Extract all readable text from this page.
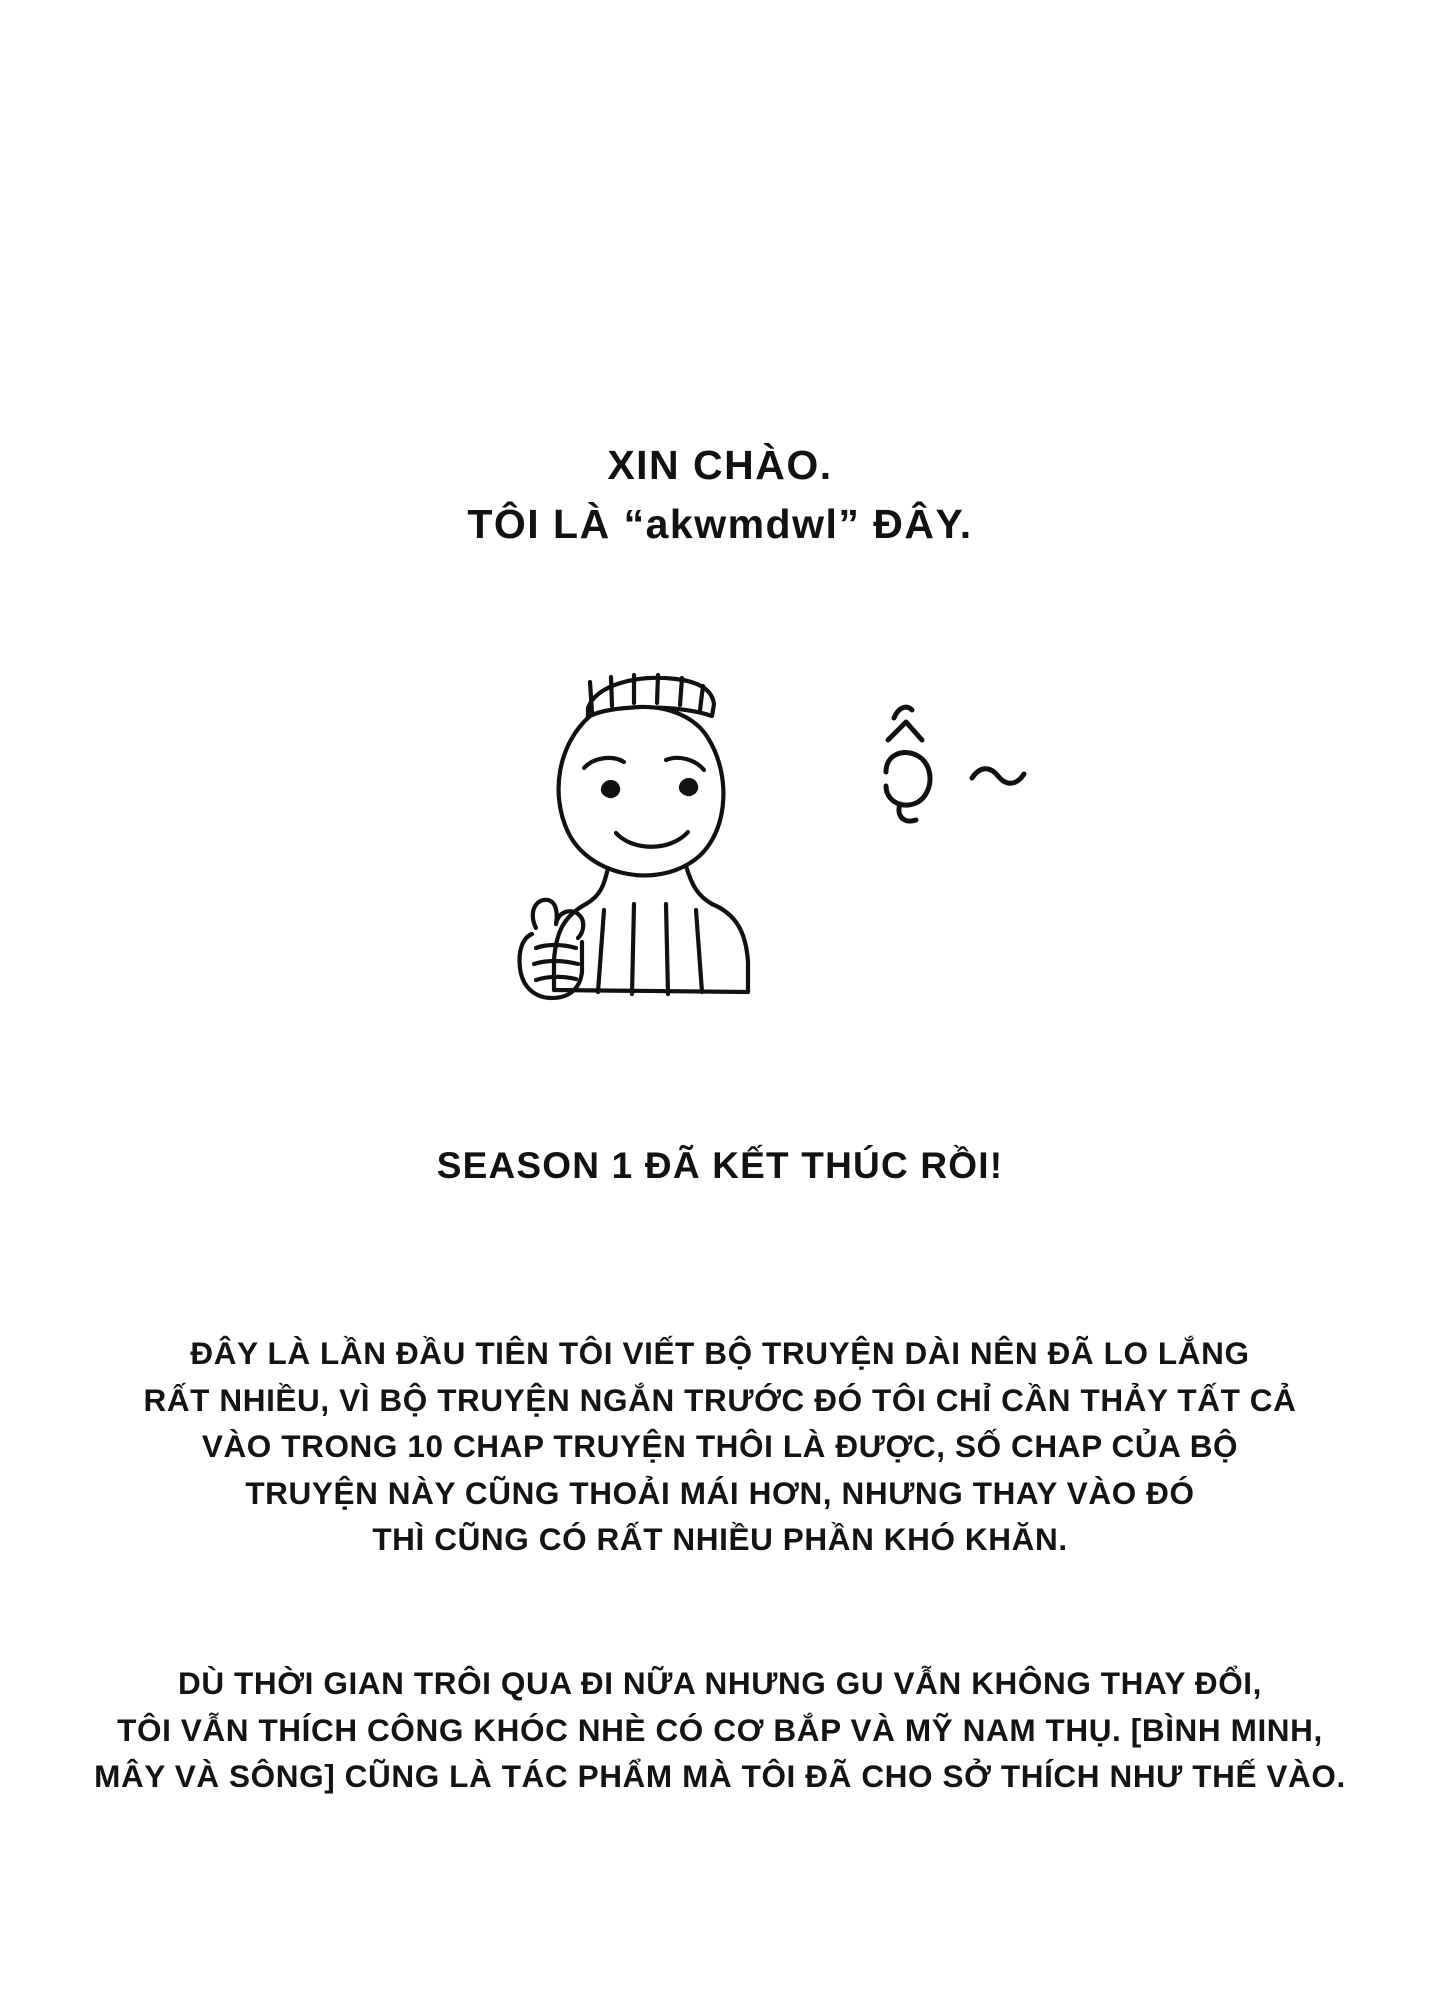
XIN CHÀO.
TÔI LÀ “akwmdwl” ĐÂY.
SEASON 1 ĐÃ KẾT THÚC RỒI!
ĐÂY LÀ LẦN ĐẦU TIÊN TÔI VIẾT BỘ TRUYỆN DÀI NÊN ĐÃ LO LẮNG
RẤT NHIỀU, VÌ BỘ TRUYỆN NGẮN TRƯỚC ĐÓ TÔI CHỈ CẦN THẢY TẤT CẢ
VÀO TRONG 10 CHAP TRUYỆN THÔI LÀ ĐƯỢC, SỐ CHAP CỦA BỘ
TRUYỆN NÀY CŨNG THOẢI MÁI HƠN, NHƯNG THAY VÀO ĐÓ
THÌ CŨNG CÓ RẤT NHIỀU PHẦN KHÓ KHĂN.
DÙ THỜI GIAN TRÔI QUA ĐI NỮA NHƯNG GU VẪN KHÔNG THAY ĐỔI,
TÔI VẪN THÍCH CÔNG KHÓC NHÈ CÓ CƠ BẮP VÀ MỸ NAM THỤ. [BÌNH MINH,
MÂY VÀ SÔNG] CŨNG LÀ TÁC PHẨM MÀ TÔI ĐÃ CHO SỞ THÍCH NHƯ THẾ VÀO.
